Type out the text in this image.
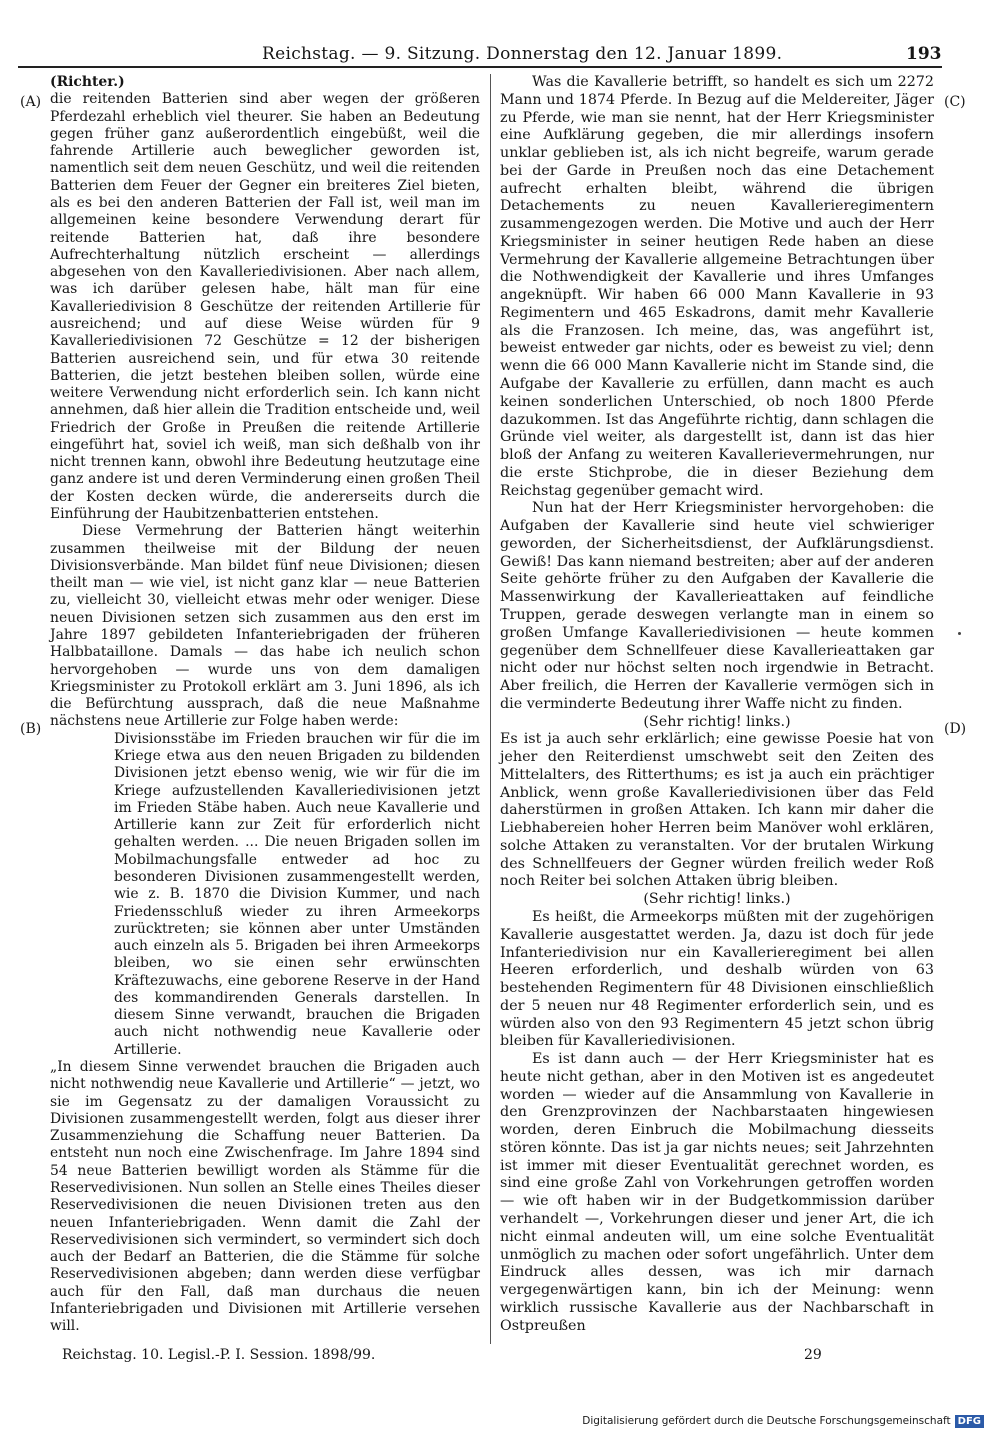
Reichstag. — 9. Sitzung. Donnerstag den 12. Januar 1899.	193
(A)
(B)
(C)
(D)

(Richter.)

die reitenden Batterien sind aber wegen der größeren Pferdezahl erheblich viel theurer. Sie haben an Bedeutung gegen früher ganz außerordentlich eingebüßt, weil die fahrende Artillerie auch beweglicher geworden ist, namentlich seit dem neuen Geschütz, und weil die reitenden Batterien dem Feuer der Gegner ein breiteres Ziel bieten, als es bei den anderen Batterien der Fall ist, weil man im allgemeinen keine besondere Verwendung derart für reitende Batterien hat, daß ihre besondere Aufrechterhaltung nützlich erscheint — allerdings abgesehen von den Kavalleriedivisionen. Aber nach allem, was ich darüber gelesen habe, hält man für eine Kavalleriedivision 8 Geschütze der reitenden Artillerie für ausreichend; und auf diese Weise würden für 9 Kavalleriedivisionen 72 Geschütze = 12 der bisherigen Batterien ausreichend sein, und für etwa 30 reitende Batterien, die jetzt bestehen bleiben sollen, würde eine weitere Verwendung nicht erforderlich sein. Ich kann nicht annehmen, daß hier allein die Tradition entscheide und, weil Friedrich der Große in Preußen die reitende Artillerie eingeführt hat, soviel ich weiß, man sich deßhalb von ihr nicht trennen kann, obwohl ihre Bedeutung heutzutage eine ganz andere ist und deren Verminderung einen großen Theil der Kosten decken würde, die andererseits durch die Einführung der Haubitzenbatterien entstehen.

Diese Vermehrung der Batterien hängt weiterhin zusammen theilweise mit der Bildung der neuen Divisionsverbände. Man bildet fünf neue Divisionen; diesen theilt man — wie viel, ist nicht ganz klar — neue Batterien zu, vielleicht 30, vielleicht etwas mehr oder weniger. Diese neuen Divisionen setzen sich zusammen aus den erst im Jahre 1897 gebildeten Infanteriebrigaden der früheren Halbbataillone. Damals — das habe ich neulich schon hervorgehoben — wurde uns von dem damaligen Kriegsminister zu Protokoll erklärt am 3. Juni 1896, als ich die Befürchtung aussprach, daß die neue Maßnahme nächstens neue Artillerie zur Folge haben werde:

Divisionsstäbe im Frieden brauchen wir für die im Kriege etwa aus den neuen Brigaden zu bildenden Divisionen jetzt ebenso wenig, wie wir für die im Kriege aufzustellenden Kavalleriedivisionen jetzt im Frieden Stäbe haben. Auch neue Kavallerie und Artillerie kann zur Zeit für erforderlich nicht gehalten werden. ... Die neuen Brigaden sollen im Mobilmachungsfalle entweder ad hoc zu besonderen Divisionen zusammengestellt werden, wie z. B. 1870 die Division Kummer, und nach Friedensschluß wieder zu ihren Armeekorps zurücktreten; sie können aber unter Umständen auch einzeln als 5. Brigaden bei ihren Armeekorps bleiben, wo sie einen sehr erwünschten Kräftezuwachs, eine geborene Reserve in der Hand des kommandirenden Generals darstellen. In diesem Sinne verwandt, brauchen die Brigaden auch nicht nothwendig neue Kavallerie oder Artillerie.

„In diesem Sinne verwendet brauchen die Brigaden auch nicht nothwendig neue Kavallerie und Artillerie“ — jetzt, wo sie im Gegensatz zu der damaligen Voraussicht zu Divisionen zusammengestellt werden, folgt aus dieser ihrer Zusammenziehung die Schaffung neuer Batterien. Da entsteht nun noch eine Zwischenfrage. Im Jahre 1894 sind 54 neue Batterien bewilligt worden als Stämme für die Reservedivisionen. Nun sollen an Stelle eines Theiles dieser Reservedivisionen die neuen Divisionen treten aus den neuen Infanteriebrigaden. Wenn damit die Zahl der Reservedivisionen sich vermindert, so vermindert sich doch auch der Bedarf an Batterien, die die Stämme für solche Reservedivisionen abgeben; dann werden diese verfügbar auch für den Fall, daß man durchaus die neuen Infanteriebrigaden und Divisionen mit Artillerie versehen will.

Was die Kavallerie betrifft, so handelt es sich um 2272 Mann und 1874 Pferde. In Bezug auf die Meldereiter, Jäger zu Pferde, wie man sie nennt, hat der Herr Kriegsminister eine Aufklärung gegeben, die mir allerdings insofern unklar geblieben ist, als ich nicht begreife, warum gerade bei der Garde in Preußen noch das eine Detachement aufrecht erhalten bleibt, während die übrigen Detachements zu neuen Kavallerieregimentern zusammengezogen werden. Die Motive und auch der Herr Kriegsminister in seiner heutigen Rede haben an diese Vermehrung der Kavallerie allgemeine Betrachtungen über die Nothwendigkeit der Kavallerie und ihres Umfanges angeknüpft. Wir haben 66 000 Mann Kavallerie in 93 Regimentern und 465 Eskadrons, damit mehr Kavallerie als die Franzosen. Ich meine, das, was angeführt ist, beweist entweder gar nichts, oder es beweist zu viel; denn wenn die 66 000 Mann Kavallerie nicht im Stande sind, die Aufgabe der Kavallerie zu erfüllen, dann macht es auch keinen sonderlichen Unterschied, ob noch 1800 Pferde dazukommen. Ist das Angeführte richtig, dann schlagen die Gründe viel weiter, als dargestellt ist, dann ist das hier bloß der Anfang zu weiteren Kavallerievermehrungen, nur die erste Stichprobe, die in dieser Beziehung dem Reichstag gegenüber gemacht wird.

Nun hat der Herr Kriegsminister hervorgehoben: die Aufgaben der Kavallerie sind heute viel schwieriger geworden, der Sicherheitsdienst, der Aufklärungsdienst. Gewiß! Das kann niemand bestreiten; aber auf der anderen Seite gehörte früher zu den Aufgaben der Kavallerie die Massenwirkung der Kavallerieattaken auf feindliche Truppen, gerade deswegen verlangte man in einem so großen Umfange Kavalleriedivisionen — heute kommen gegenüber dem Schnellfeuer diese Kavallerieattaken gar nicht oder nur höchst selten noch irgendwie in Betracht. Aber freilich, die Herren der Kavallerie vermögen sich in die verminderte Bedeutung ihrer Waffe nicht zu finden.

(Sehr richtig! links.)

Es ist ja auch sehr erklärlich; eine gewisse Poesie hat von jeher den Reiterdienst umschwebt seit den Zeiten des Mittelalters, des Ritterthums; es ist ja auch ein prächtiger Anblick, wenn große Kavalleriedivisionen über das Feld daherstürmen in großen Attaken. Ich kann mir daher die Liebhabereien hoher Herren beim Manöver wohl erklären, solche Attaken zu veranstalten. Vor der brutalen Wirkung des Schnellfeuers der Gegner würden freilich weder Roß noch Reiter bei solchen Attaken übrig bleiben.

(Sehr richtig! links.)

Es heißt, die Armeekorps müßten mit der zugehörigen Kavallerie ausgestattet werden. Ja, dazu ist doch für jede Infanteriedivision nur ein Kavallerieregiment bei allen Heeren erforderlich, und deshalb würden von 63 bestehenden Regimentern für 48 Divisionen einschließlich der 5 neuen nur 48 Regimenter erforderlich sein, und es würden also von den 93 Regimentern 45 jetzt schon übrig bleiben für Kavalleriedivisionen.

Es ist dann auch — der Herr Kriegsminister hat es heute nicht gethan, aber in den Motiven ist es angedeutet worden — wieder auf die Ansammlung von Kavallerie in den Grenzprovinzen der Nachbarstaaten hingewiesen worden, deren Einbruch die Mobilmachung diesseits stören könnte. Das ist ja gar nichts neues; seit Jahrzehnten ist immer mit dieser Eventualität gerechnet worden, es sind eine große Zahl von Vorkehrungen getroffen worden — wie oft haben wir in der Budgetkommission darüber verhandelt —, Vorkehrungen dieser und jener Art, die ich nicht einmal andeuten will, um eine solche Eventualität unmöglich zu machen oder sofort ungefährlich. Unter dem Eindruck alles dessen, was ich mir darnach vergegenwärtigen kann, bin ich der Meinung: wenn wirklich russische Kavallerie aus der Nachbarschaft in Ostpreußen

Reichstag. 10. Legisl.-P. I. Session. 1898/99.	29
Digitalisierung gefördert durch die Deutsche Forschungsgemeinschaft DFG
